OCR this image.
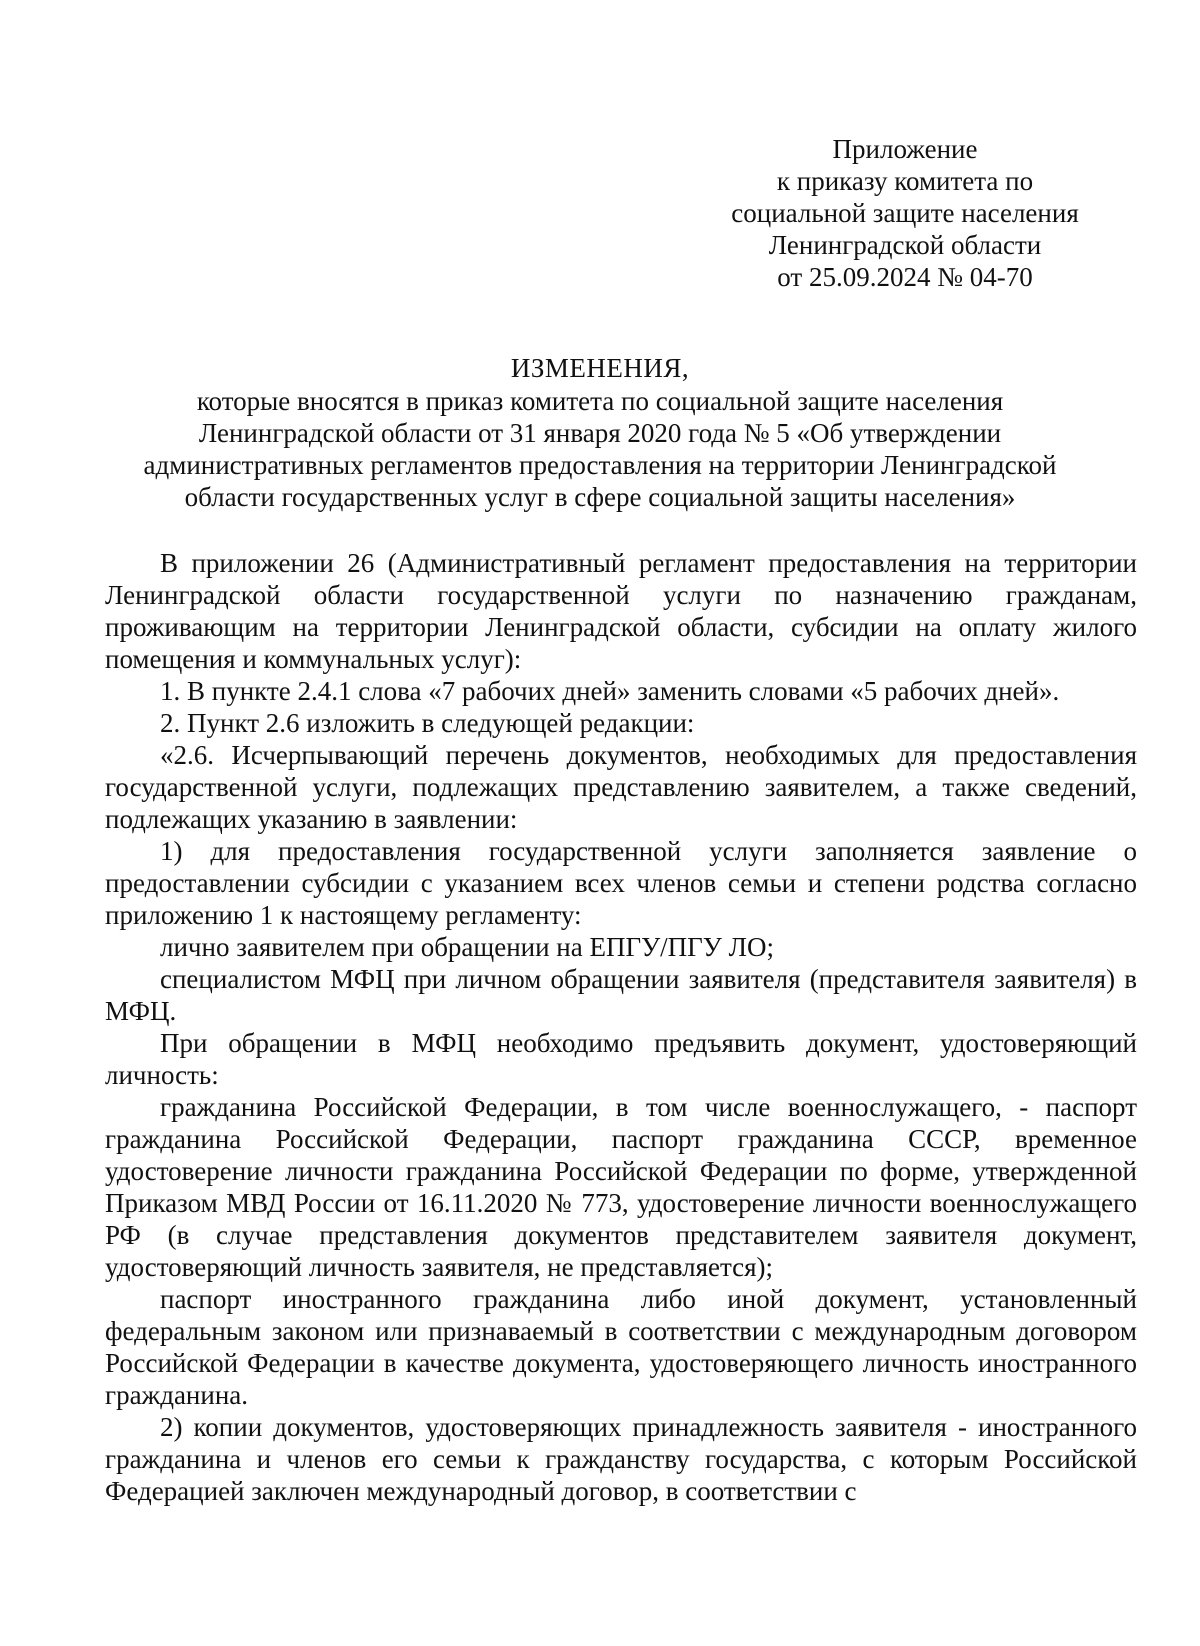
Приложение
к приказу комитета по
социальной защите населения
Ленинградской области
от 25.09.2024 № 04-70
ИЗМЕНЕНИЯ,
которые вносятся в приказ комитета по социальной защите населения
Ленинградской области от 31 января 2020 года № 5 «Об утверждении
административных регламентов предоставления на территории Ленинградской
области государственных услуг в сфере социальной защиты населения»

В приложении 26 (Административный регламент предоставления на территории Ленинградской области государственной услуги по назначению гражданам, проживающим на территории Ленинградской области, субсидии на оплату жилого помещения и коммунальных услуг):

1. В пункте 2.4.1 слова «7 рабочих дней» заменить словами «5 рабочих дней».

2. Пункт 2.6 изложить в следующей редакции:

«2.6. Исчерпывающий перечень документов, необходимых для предоставления государственной услуги, подлежащих представлению заявителем, а также сведений, подлежащих указанию в заявлении:

1) для предоставления государственной услуги заполняется заявление о предоставлении субсидии с указанием всех членов семьи и степени родства согласно приложению 1 к настоящему регламенту:

лично заявителем при обращении на ЕПГУ/ПГУ ЛО;

специалистом МФЦ при личном обращении заявителя (представителя заявителя) в МФЦ.

При обращении в МФЦ необходимо предъявить документ, удостоверяющий личность:

гражданина Российской Федерации, в том числе военнослужащего, - паспорт гражданина Российской Федерации, паспорт гражданина СССР, временное удостоверение личности гражданина Российской Федерации по форме, утвержденной Приказом МВД России от 16.11.2020 № 773, удостоверение личности военнослужащего РФ (в случае представления документов представителем заявителя документ, удостоверяющий личность заявителя, не представляется);

паспорт иностранного гражданина либо иной документ, установленный федеральным законом или признаваемый в соответствии с международным договором Российской Федерации в качестве документа, удостоверяющего личность иностранного гражданина.

2) копии документов, удостоверяющих принадлежность заявителя - иностранного гражданина и членов его семьи к гражданству государства, с которым Российской Федерацией заключен международный договор, в соответствии с
